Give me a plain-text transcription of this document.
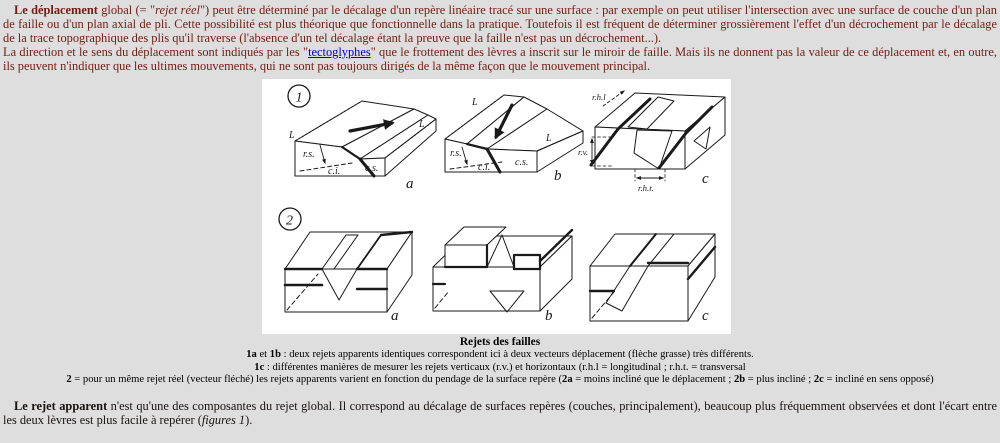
Le déplacement global (= "rejet réel") peut être déterminé par le décalage d'un repère linéaire tracé sur une surface : par exemple on peut utiliser l'intersection avec une surface de couche d'un plan de faille ou d'un plan axial de pli. Cette possibilité est plus théorique que fonctionnelle dans la pratique. Toutefois il est fréquent de déterminer grossièrement l'effet d'un décrochement par le décalage de la trace topographique des plis qu'il traverse (l'absence d'un tel décalage étant la preuve que la faille n'est pas un décrochement...).

La direction et le sens du déplacement sont indiqués par les "tectoglyphes" que le frottement des lèvres a inscrit sur le miroir de faille. Mais ils ne donnent pas la valeur de ce déplacement et, en outre, ils peuvent n'indiquer que les ultimes mouvements, qui ne sont pas toujours dirigés de la même façon que le mouvement principal.

1
L
L
r.s.
c.i. c.s.
a
L
L
r.s.
c.i. c.s.
b
r.h.l
r.v.
r.h.t.
c
2
a	b	c
Rejets des failles
1a et 1b : deux rejets apparents identiques correspondent ici à deux vecteurs déplacement (flèche grasse) très différents.
1c : différentes manières de mesurer les rejets verticaux (r.v.) et horizontaux (r.h.l = longitudinal ; r.h.t. = transversal
2 = pour un même rejet réel (vecteur fléché) les rejets apparents varient en fonction du pendage de la surface repère (2a = moins incliné que le déplacement ; 2b = plus incliné ; 2c = incliné en sens opposé)

Le rejet apparent n'est qu'une des composantes du rejet global. Il correspond au décalage de surfaces repères (couches, principalement), beaucoup plus fréquemment observées et dont l'écart entre les deux lèvres est plus facile à repérer (figures 1).
